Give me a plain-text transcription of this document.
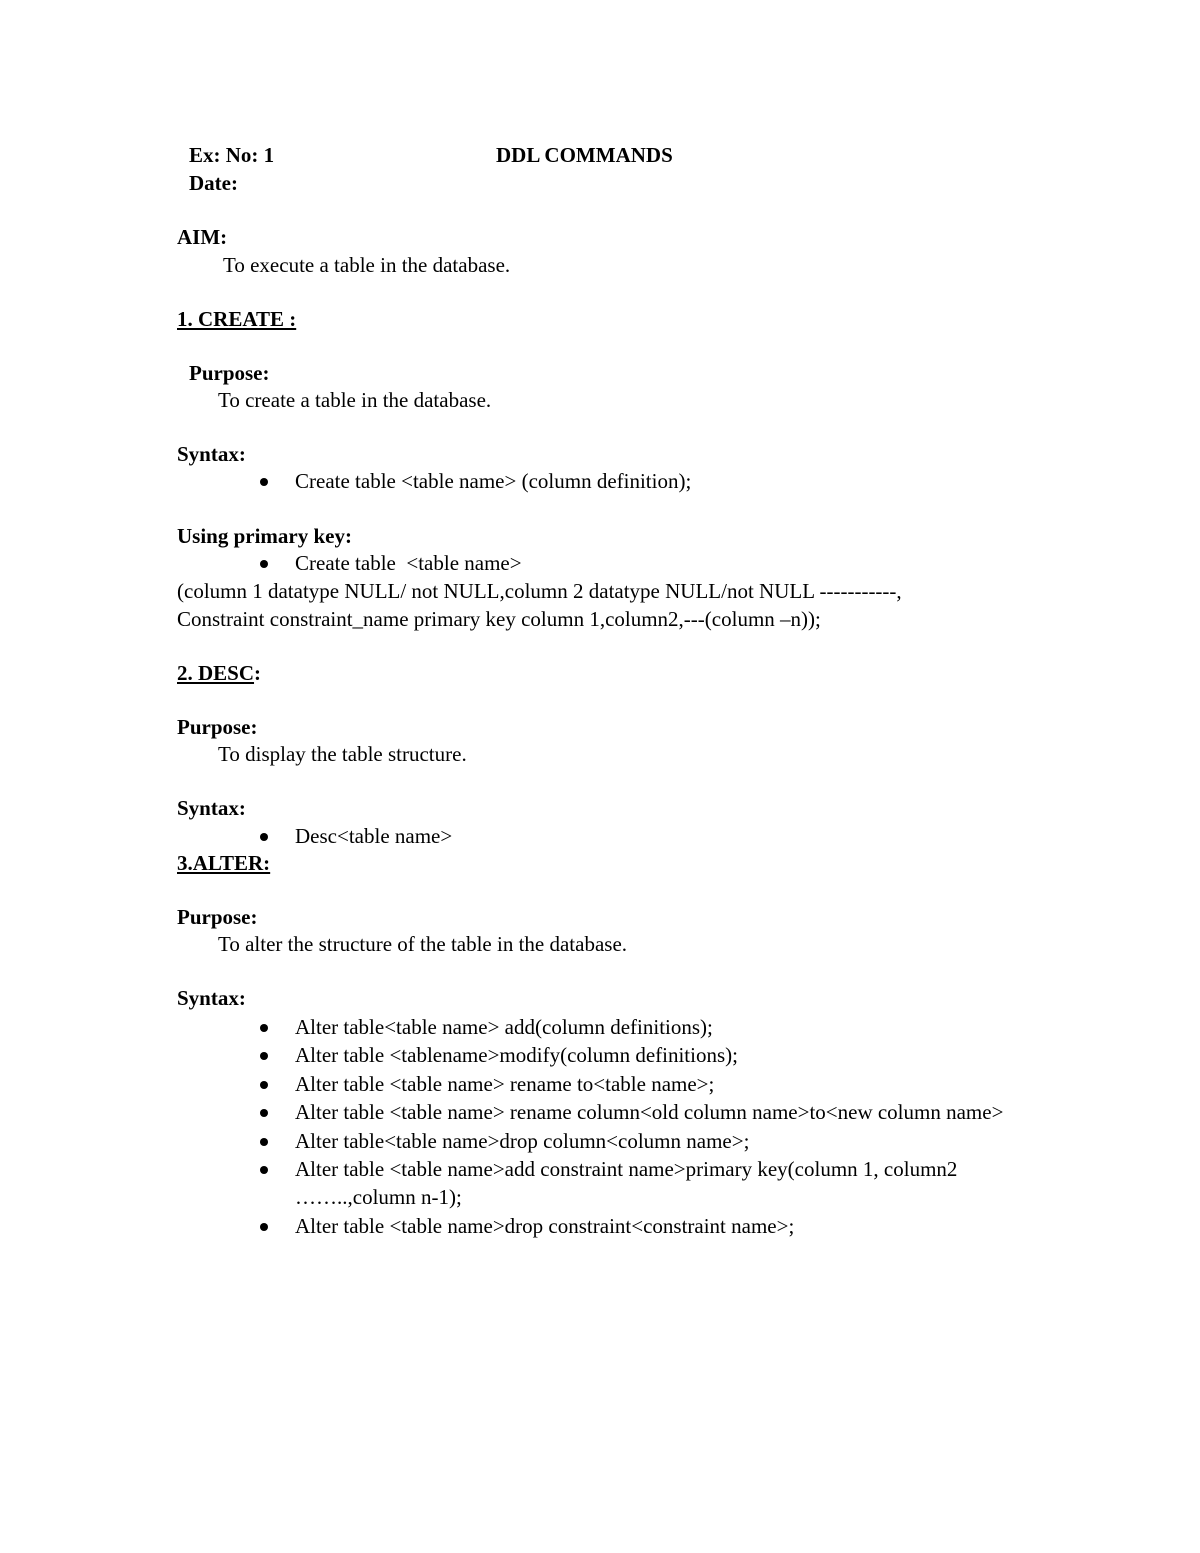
Ex: No: 1	DDL COMMANDS
Date:
AIM:
To execute a table in the database.
1. CREATE :
Purpose:
To create a table in the database.
Syntax:
Create table <table name> (column definition);
Using primary key:
Create table  <table name>
(column 1 datatype NULL/ not NULL,column 2 datatype NULL/not NULL -----------,
Constraint constraint_name primary key column 1,column2,---(column –n));
2. DESC:
Purpose:
To display the table structure.
Syntax:
Desc<table name>
3.ALTER:
Purpose:
To alter the structure of the table in the database.
Syntax:
Alter table<table name> add(column definitions);
Alter table <tablename>modify(column definitions);
Alter table <table name> rename to<table name>;
Alter table <table name> rename column<old column name>to<new column name>
Alter table<table name>drop column<column name>;
Alter table <table name>add constraint name>primary key(column 1, column2 ……..,column n-1);
Alter table <table name>drop constraint<constraint name>;
